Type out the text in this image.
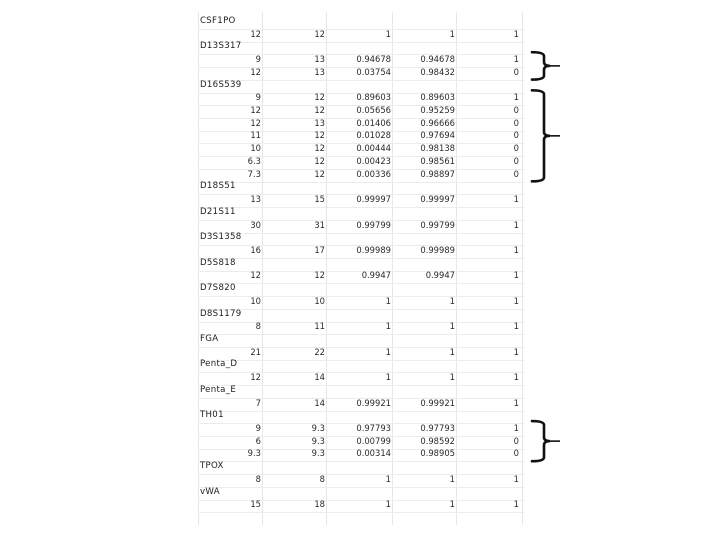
CSF1PO
12	12	1	1	1
D13S317
9	13	0.94678	0.94678	1
12	13	0.03754	0.98432	0
D16S539
9	12	0.89603	0.89603	1
12	12	0.05656	0.95259	0
12	13	0.01406	0.96666	0
11	12	0.01028	0.97694	0
10	12	0.00444	0.98138	0
6.3	12	0.00423	0.98561	0
7.3	12	0.00336	0.98897	0
D18S51
13	15	0.99997	0.99997	1
D21S11
30	31	0.99799	0.99799	1
D3S1358
16	17	0.99989	0.99989	1
D5S818
12	12	0.9947	0.9947	1
D7S820
10	10	1	1	1
D8S1179
8	11	1	1	1
FGA
21	22	1	1	1
Penta_D
12	14	1	1	1
Penta_E
7	14	0.99921	0.99921	1
TH01
9	9.3	0.97793	0.97793	1
6	9.3	0.00799	0.98592	0
9.3	9.3	0.00314	0.98905	0
TPOX
8	8	1	1	1
vWA
15	18	1	1	1
